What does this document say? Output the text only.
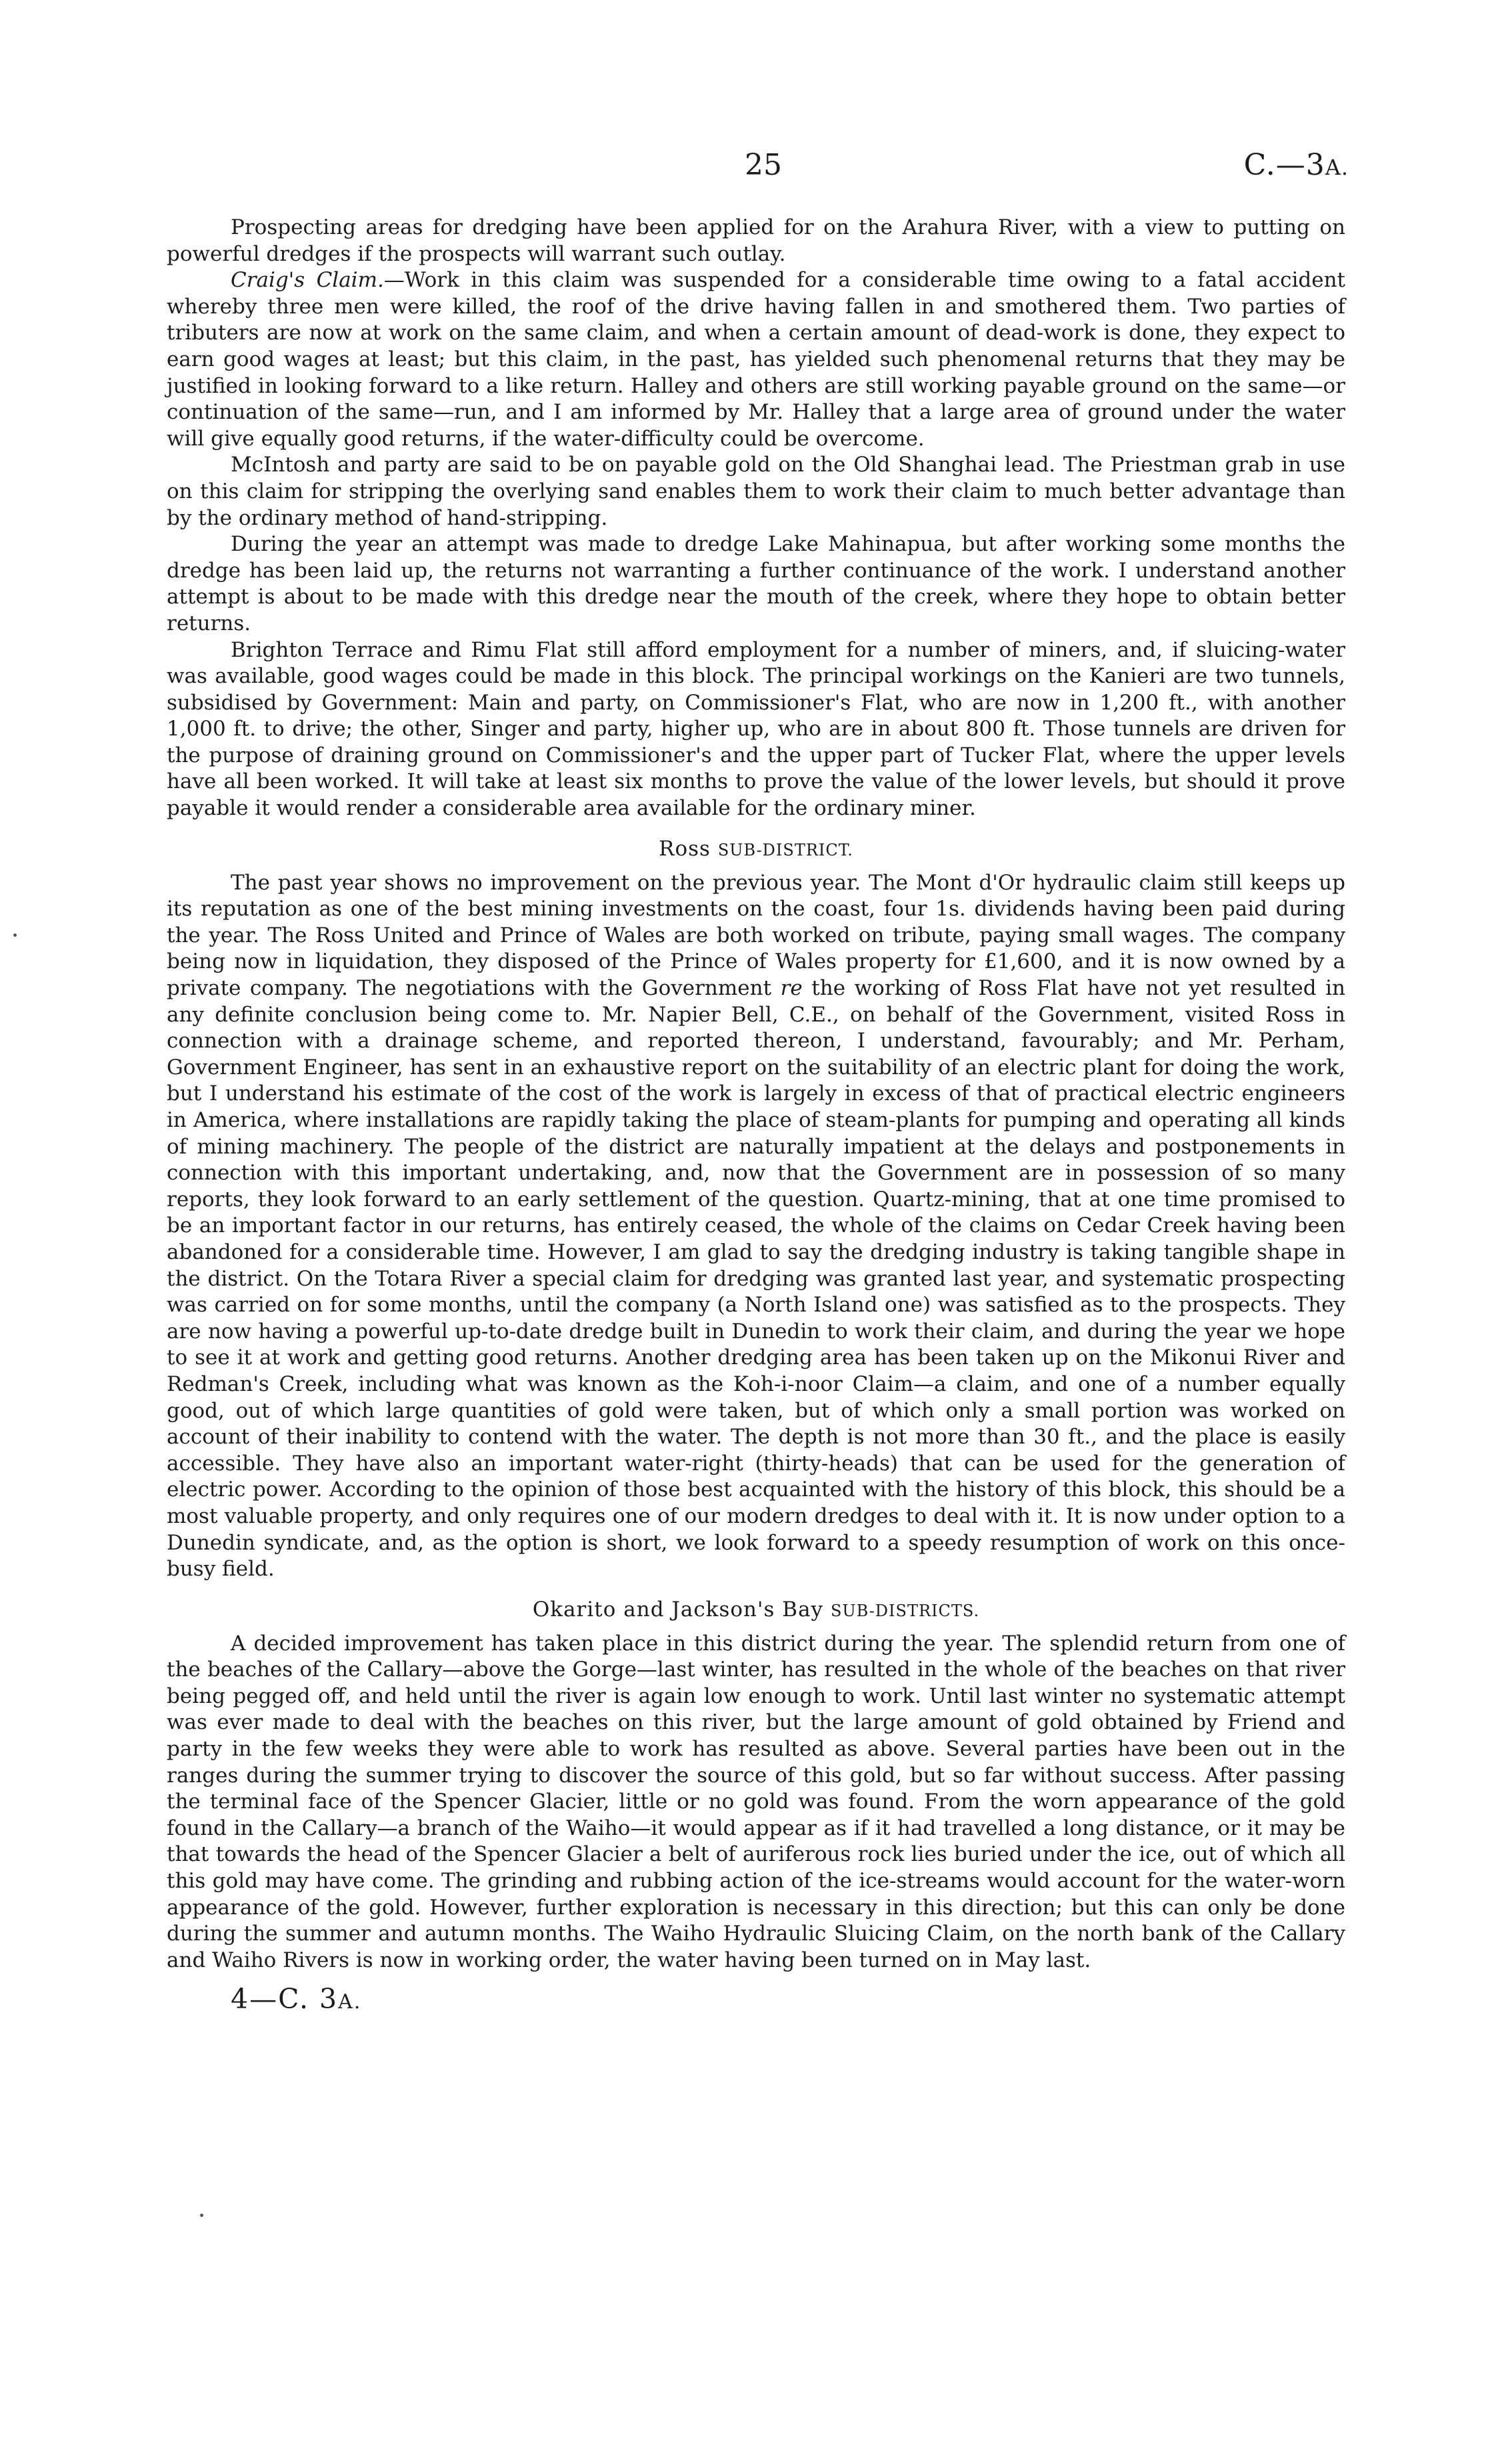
25	C.—3A.

Prospecting areas for dredging have been applied for on the Arahura River, with a view to putting on powerful dredges if the prospects will warrant such outlay.

Craig's Claim.—Work in this claim was suspended for a considerable time owing to a fatal accident whereby three men were killed, the roof of the drive having fallen in and smothered them. Two parties of tributers are now at work on the same claim, and when a certain amount of dead-work is done, they expect to earn good wages at least; but this claim, in the past, has yielded such phenomenal returns that they may be justified in looking forward to a like return. Halley and others are still working payable ground on the same—or continuation of the same—run, and I am informed by Mr. Halley that a large area of ground under the water will give equally good returns, if the water-difficulty could be overcome.

McIntosh and party are said to be on payable gold on the Old Shanghai lead. The Priestman grab in use on this claim for stripping the overlying sand enables them to work their claim to much better advantage than by the ordinary method of hand-stripping.

During the year an attempt was made to dredge Lake Mahinapua, but after working some months the dredge has been laid up, the returns not warranting a further continuance of the work. I understand another attempt is about to be made with this dredge near the mouth of the creek, where they hope to obtain better returns.

Brighton Terrace and Rimu Flat still afford employment for a number of miners, and, if sluicing-water was available, good wages could be made in this block. The principal workings on the Kanieri are two tunnels, subsidised by Government: Main and party, on Commissioner's Flat, who are now in 1,200 ft., with another 1,000 ft. to drive; the other, Singer and party, higher up, who are in about 800 ft. Those tunnels are driven for the purpose of draining ground on Commissioner's and the upper part of Tucker Flat, where the upper levels have all been worked. It will take at least six months to prove the value of the lower levels, but should it prove payable it would render a considerable area available for the ordinary miner.

Ross SUB-DISTRICT.

The past year shows no improvement on the previous year. The Mont d'Or hydraulic claim still keeps up its reputation as one of the best mining investments on the coast, four 1s. dividends having been paid during the year. The Ross United and Prince of Wales are both worked on tribute, paying small wages. The company being now in liquidation, they disposed of the Prince of Wales property for £1,600, and it is now owned by a private company. The negotiations with the Government re the working of Ross Flat have not yet resulted in any definite conclusion being come to. Mr. Napier Bell, C.E., on behalf of the Government, visited Ross in connection with a drainage scheme, and reported thereon, I understand, favourably; and Mr. Perham, Government Engineer, has sent in an exhaustive report on the suitability of an electric plant for doing the work, but I understand his estimate of the cost of the work is largely in excess of that of practical electric engineers in America, where installations are rapidly taking the place of steam-plants for pumping and operating all kinds of mining machinery. The people of the district are naturally impatient at the delays and postponements in connection with this important undertaking, and, now that the Government are in possession of so many reports, they look forward to an early settlement of the question. Quartz-mining, that at one time promised to be an important factor in our returns, has entirely ceased, the whole of the claims on Cedar Creek having been abandoned for a considerable time. However, I am glad to say the dredging industry is taking tangible shape in the district. On the Totara River a special claim for dredging was granted last year, and systematic prospecting was carried on for some months, until the company (a North Island one) was satisfied as to the prospects. They are now having a powerful up-to-date dredge built in Dunedin to work their claim, and during the year we hope to see it at work and getting good returns. Another dredging area has been taken up on the Mikonui River and Redman's Creek, including what was known as the Koh-i-noor Claim—a claim, and one of a number equally good, out of which large quantities of gold were taken, but of which only a small portion was worked on account of their inability to contend with the water. The depth is not more than 30 ft., and the place is easily accessible. They have also an important water-right (thirty-heads) that can be used for the generation of electric power. According to the opinion of those best acquainted with the history of this block, this should be a most valuable property, and only requires one of our modern dredges to deal with it. It is now under option to a Dunedin syndicate, and, as the option is short, we look forward to a speedy resumption of work on this once-busy field.

Okarito and Jackson's Bay SUB-DISTRICTS.

A decided improvement has taken place in this district during the year. The splendid return from one of the beaches of the Callary—above the Gorge—last winter, has resulted in the whole of the beaches on that river being pegged off, and held until the river is again low enough to work. Until last winter no systematic attempt was ever made to deal with the beaches on this river, but the large amount of gold obtained by Friend and party in the few weeks they were able to work has resulted as above. Several parties have been out in the ranges during the summer trying to discover the source of this gold, but so far without success. After passing the terminal face of the Spencer Glacier, little or no gold was found. From the worn appearance of the gold found in the Callary—a branch of the Waiho—it would appear as if it had travelled a long distance, or it may be that towards the head of the Spencer Glacier a belt of auriferous rock lies buried under the ice, out of which all this gold may have come. The grinding and rubbing action of the ice-streams would account for the water-worn appearance of the gold. However, further exploration is necessary in this direction; but this can only be done during the summer and autumn months. The Waiho Hydraulic Sluicing Claim, on the north bank of the Callary and Waiho Rivers is now in working order, the water having been turned on in May last.

4—C. 3A.
